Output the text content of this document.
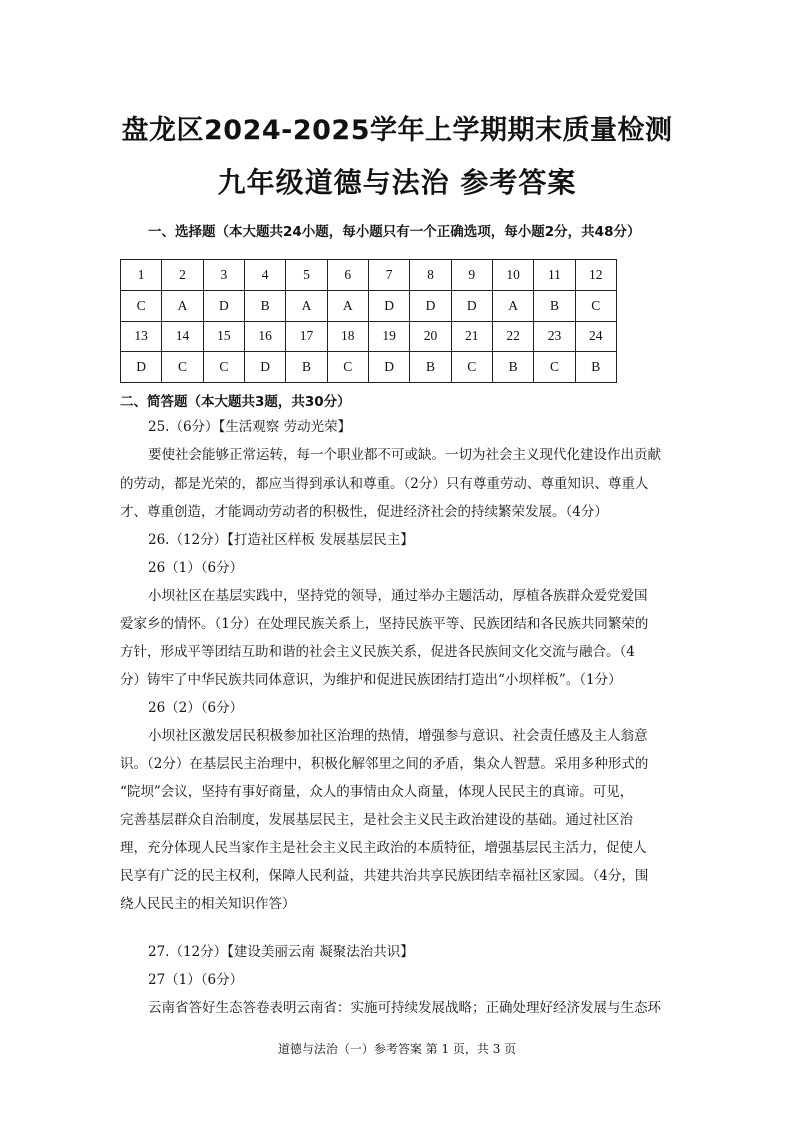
盘龙区2024-2025学年上学期期末质量检测
九年级道德与法治 参考答案
一、选择题（本大题共24小题，每小题只有一个正确选项，每小题2分，共48分）
1	2	3	4	5	6	7	8	9	10	11	12
C	A	D	B	A	A	D	D	D	A	B	C
13	14	15	16	17	18	19	20	21	22	23	24
D	C	C	D	B	C	D	B	C	B	C	B
二、简答题（本大题共3题，共30分）
25.（6分）【生活观察 劳动光荣】
要使社会能够正常运转，每一个职业都不可或缺。一切为社会主义现代化建设作出贡献
的劳动，都是光荣的，都应当得到承认和尊重。（2分）只有尊重劳动、尊重知识、尊重人
才、尊重创造，才能调动劳动者的积极性，促进经济社会的持续繁荣发展。（4分）
26.（12分）【打造社区样板 发展基层民主】
26（1）（6分）
小坝社区在基层实践中，坚持党的领导，通过举办主题活动，厚植各族群众爱党爱国
爱家乡的情怀。（1分）在处理民族关系上，坚持民族平等、民族团结和各民族共同繁荣的
方针，形成平等团结互助和谐的社会主义民族关系，促进各民族间文化交流与融合。（4
分）铸牢了中华民族共同体意识，为维护和促进民族团结打造出“小坝样板”。（1分）
26（2）（6分）
小坝社区激发居民积极参加社区治理的热情，增强参与意识、社会责任感及主人翁意
识。（2分）在基层民主治理中，积极化解邻里之间的矛盾，集众人智慧。采用多种形式的
“院坝”会议，坚持有事好商量，众人的事情由众人商量，体现人民民主的真谛。可见，
完善基层群众自治制度，发展基层民主，是社会主义民主政治建设的基础。通过社区治
理，充分体现人民当家作主是社会主义民主政治的本质特征，增强基层民主活力，促使人
民享有广泛的民主权利，保障人民利益，共建共治共享民族团结幸福社区家园。（4分，围
绕人民民主的相关知识作答）
27.（12分）【建设美丽云南 凝聚法治共识】
27（1）（6分）
云南省答好生态答卷表明云南省：实施可持续发展战略；正确处理好经济发展与生态环
道德与法治（一）参考答案 第 1 页，共 3 页
